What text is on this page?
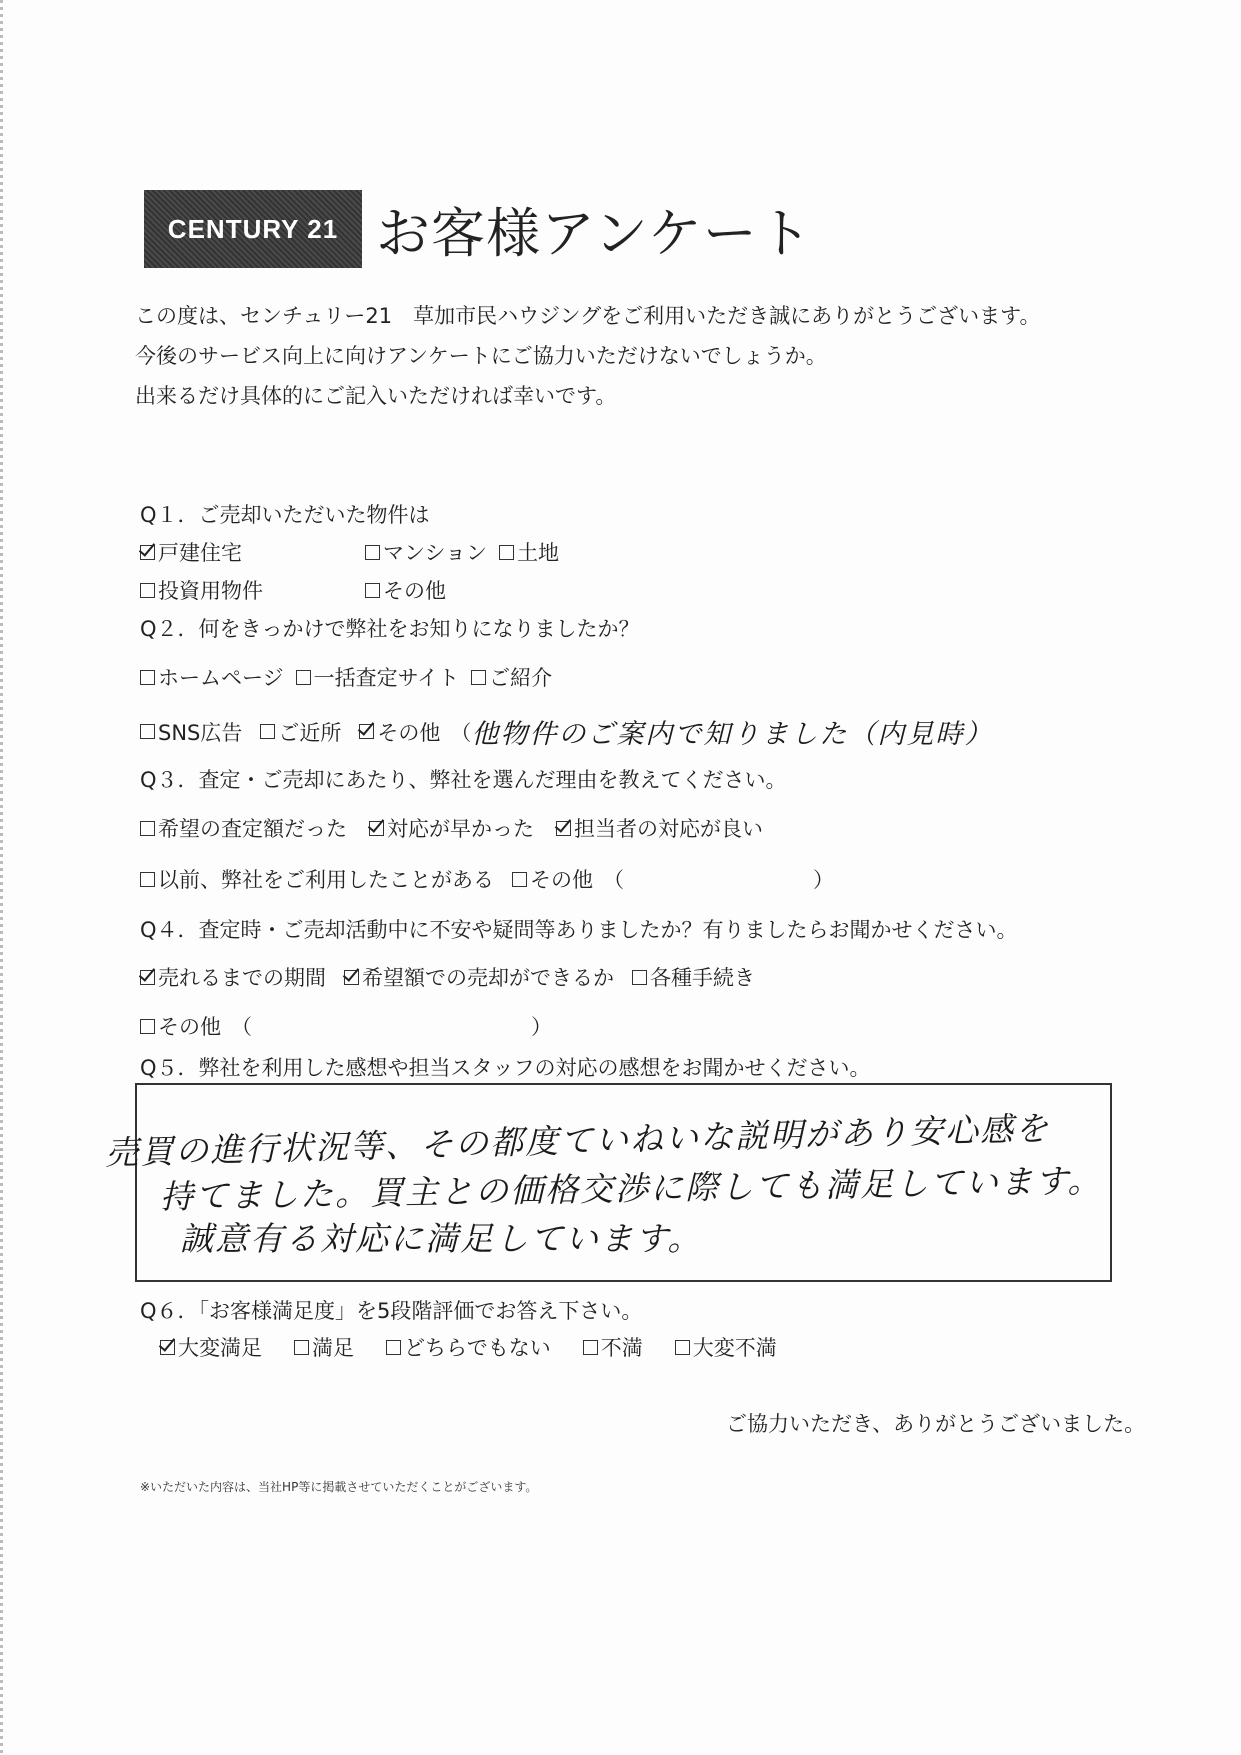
CENTURY 21 お客様アンケート
この度は、センチュリー21　草加市民ハウジングをご利用いただき誠にありがとうございます。
今後のサービス向上に向けアンケートにご協力いただけないでしょうか。
出来るだけ具体的にご記入いただければ幸いです。
Q１．ご売却いただいた物件は
戸建住宅	マンション 土地
投資用物件	その他
Q２．何をきっかけで弊社をお知りになりましたか？
ホームページ 一括査定サイト ご紹介
SNS広告 ご近所 その他 （ 他物件のご案内で知りました（内見時）
Q３．査定・ご売却にあたり、弊社を選んだ理由を教えてください。
希望の査定額だった 対応が早かった 担当者の対応が良い
以前、弊社をご利用したことがある その他 （	）
Q４．査定時・ご売却活動中に不安や疑問等ありましたか？有りましたらお聞かせください。
売れるまでの期間 希望額での売却ができるか 各種手続き
その他 （	）
Q５．弊社を利用した感想や担当スタッフの対応の感想をお聞かせください。
売買の進行状況等、その都度ていねいな説明があり安心感を
持てました。買主との価格交渉に際しても満足しています。
誠意有る対応に満足しています。
Q６．「お客様満足度」を5段階評価でお答え下さい。
大変満足 満足 どちらでもない 不満 大変不満
ご協力いただき、ありがとうございました。
※いただいた内容は、当社HP等に掲載させていただくことがございます。
